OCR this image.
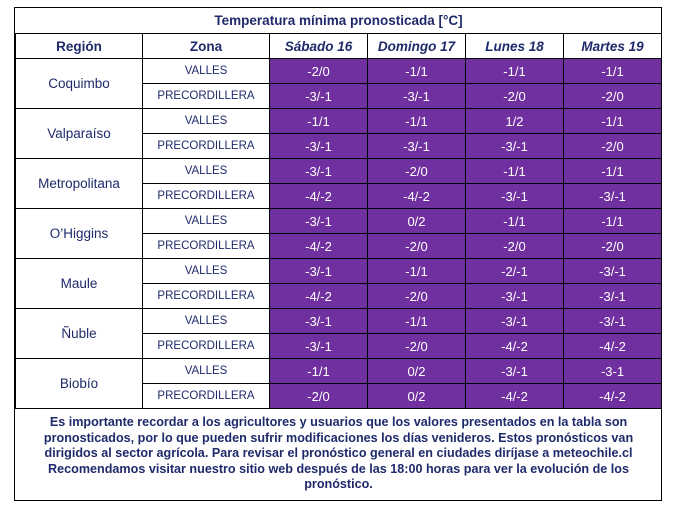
Temperatura mínima pronosticada [°C]					
Región	Zona	Sábado 16	Domingo 17	Lunes 18	Martes 19
Coquimbo	VALLES	-2/0	-1/1	-1/1	-1/1
	PRECORDILLERA	-3/-1	-3/-1	-2/0	-2/0
Valparaíso	VALLES	-1/1	-1/1	1/2	-1/1
	PRECORDILLERA	-3/-1	-3/-1	-3/-1	-2/0
Metropolitana	VALLES	-3/-1	-2/0	-1/1	-1/1
	PRECORDILLERA	-4/-2	-4/-2	-3/-1	-3/-1
O’Higgins	VALLES	-3/-1	0/2	-1/1	-1/1
	PRECORDILLERA	-4/-2	-2/0	-2/0	-2/0
Maule	VALLES	-3/-1	-1/1	-2/-1	-3/-1
	PRECORDILLERA	-4/-2	-2/0	-3/-1	-3/-1
Ñuble	VALLES	-3/-1	-1/1	-3/-1	-3/-1
	PRECORDILLERA	-3/-1	-2/0	-4/-2	-4/-2
Biobío	VALLES	-1/1	0/2	-3/-1	-3-1
	PRECORDILLERA	-2/0	0/2	-4/-2	-4/-2

Es importante recordar a los agricultores y usuarios que los valores presentados en la tabla son
pronosticados, por lo que pueden sufrir modificaciones los días venideros. Estos pronósticos van
dirigidos al sector agrícola. Para revisar el pronóstico general en ciudades diríjase a meteochile.cl
Recomendamos visitar nuestro sitio web después de las 18:00 horas para ver la evolución de los
pronóstico.					
